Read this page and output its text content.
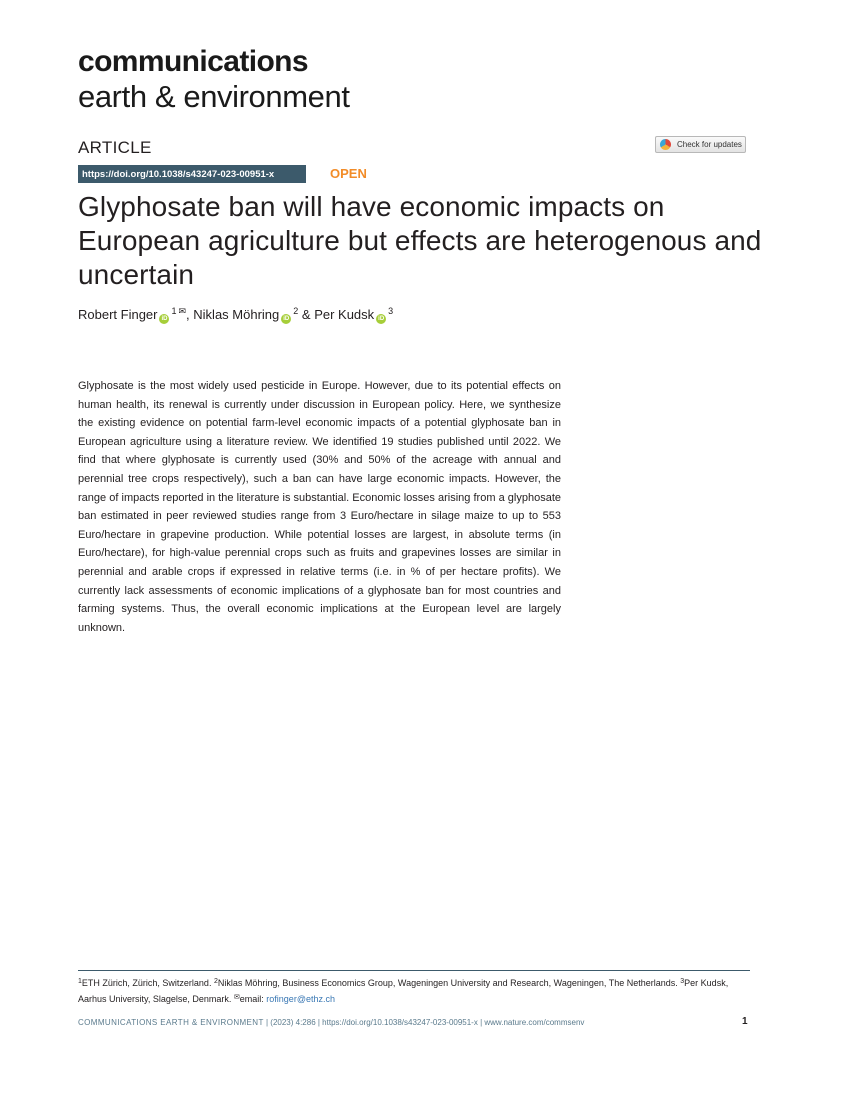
communications
earth & environment
ARTICLE	Check for updates
https://doi.org/10.1038/s43247-023-00951-x	OPEN
Glyphosate ban will have economic impacts on European agriculture but effects are heterogenous and uncertain
Robert Finger $iD^1$ ✉, Niklas Möhring $iD^2$ & Per Kudsk $iD^3$

Glyphosate is the most widely used pesticide in Europe. However, due to its potential effects on human health, its renewal is currently under discussion in European policy. Here, we synthesize the existing evidence on potential farm-level economic impacts of a potential glyphosate ban in European agriculture using a literature review. We identified 19 studies published until 2022. We find that where glyphosate is currently used (30% and 50% of the acreage with annual and perennial tree crops respectively), such a ban can have large economic impacts. However, the range of impacts reported in the literature is substantial. Economic losses arising from a glyphosate ban estimated in peer reviewed studies range from 3 Euro/hectare in silage maize to up to 553 Euro/hectare in grapevine production. While potential losses are largest, in absolute terms (in Euro/hectare), for high-value perennial crops such as fruits and grapevines losses are similar in perennial and arable crops if expressed in relative terms (i.e. in % of per hectare profits). We currently lack assessments of economic implications of a glyphosate ban for most countries and farming systems. Thus, the overall economic implications at the European level are largely unknown.

$^1$ETH Zürich, Zürich, Switzerland. $^2$Niklas Möhring, Business Economics Group, Wageningen University and Research, Wageningen, The Netherlands. $^3$Per Kudsk, Aarhus University, Slagelse, Denmark. ✉email: rofinger@ethz.ch
COMMUNICATIONS EARTH & ENVIRONMENT | (2023) 4:286 | https://doi.org/10.1038/s43247-023-00951-x | www.nature.com/commsenv	1
